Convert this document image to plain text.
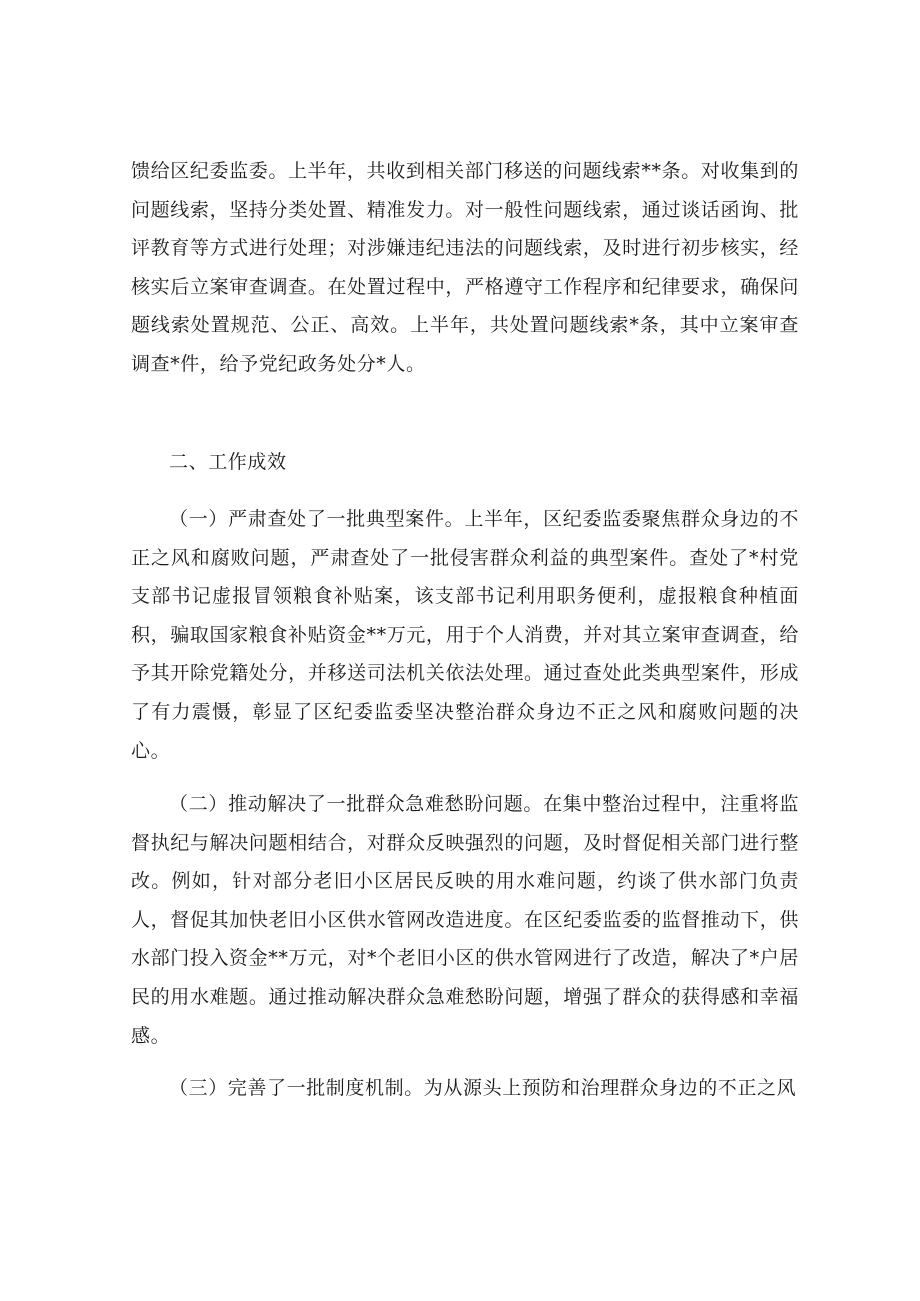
馈给区纪委监委。上半年，共收到相关部门移送的问题线索**条。对收集到的问题线索，坚持分类处置、精准发力。对一般性问题线索，通过谈话函询、批评教育等方式进行处理；对涉嫌违纪违法的问题线索，及时进行初步核实，经核实后立案审查调查。在处置过程中，严格遵守工作程序和纪律要求，确保问题线索处置规范、公正、高效。上半年，共处置问题线索*条，其中立案审查调查*件，给予党纪政务处分*人。

二、工作成效

（一）严肃查处了一批典型案件。上半年，区纪委监委聚焦群众身边的不正之风和腐败问题，严肃查处了一批侵害群众利益的典型案件。查处了*村党支部书记虚报冒领粮食补贴案，该支部书记利用职务便利，虚报粮食种植面积，骗取国家粮食补贴资金**万元，用于个人消费，并对其立案审查调查，给予其开除党籍处分，并移送司法机关依法处理。通过查处此类典型案件，形成了有力震慑，彰显了区纪委监委坚决整治群众身边不正之风和腐败问题的决心。

（二）推动解决了一批群众急难愁盼问题。在集中整治过程中，注重将监督执纪与解决问题相结合，对群众反映强烈的问题，及时督促相关部门进行整改。例如，针对部分老旧小区居民反映的用水难问题，约谈了供水部门负责人，督促其加快老旧小区供水管网改造进度。在区纪委监委的监督推动下，供水部门投入资金**万元，对*个老旧小区的供水管网进行了改造，解决了*户居民的用水难题。通过推动解决群众急难愁盼问题，增强了群众的获得感和幸福感。

（三）完善了一批制度机制。为从源头上预防和治理群众身边的不正之风
